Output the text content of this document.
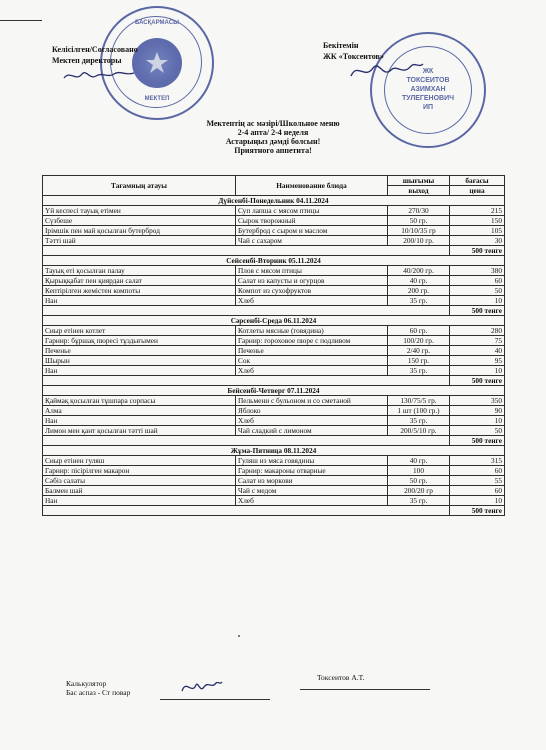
БАСҚАРМАСЫ
МЕКТЕП
ЖК
ТОКСЕИТОВ
АЗИМХАН
ТУЛЕГЕНОВИЧ
ИП
Келісілген/Согласовано
Мектеп директоры
Бекітемін
ЖК «Токсеитов»
Мектептің ас мәзірі/Школьное меню
2-4 апта/ 2-4 неделя
Астарыңыз дәмді болсын!
Приятного аппетита!
Тағамның атауы	Наименование блюда	шығымы	бағасы
		выход	цена
Дүйсенбі-Понедельник 04.11.2024			
Үй кеспесі тауық етімен	Суп лапша с мясом птицы	270/30	215
Сүзбеше	Сырок творожный	50 гр.	150
Ірімшік пен май қосылған бутерброд	Бутерброд с сыром и маслом	10/10/35 гр	105
Тәтті шай	Чай с сахаром	200/10 гр.	30
			500 тенге
Сейсенбі-Вторник 05.11.2024			
Тауық еті қосылған палау	Плов с мясом птицы	40/200 гр.	380
Қырыққабат пен қиярдан салат	Салат из капусты и огурцов	40 гр.	60
Кептірілген жемістен компоты	Компот из сухофруктов	200 гр.	50
Нан	Хлеб	35 гр.	10
			500 тенге
Сәрсенбі-Среда 06.11.2024			
Сиыр етінен котлет	Котлеты мясные (говядина)	60 гр.	280
Гарнир: бұршақ пюресі тұздығымен	Гарнир: гороховое пюре с подливом	100/20 гр.	75
Печенье	Печенье	2/40 гр.	40
Шырын	Сок	150 гр.	95
Нан	Хлеб	35 гр.	10
			500 тенге
Бейсенбі-Четверг 07.11.2024			
Қаймақ қосылған тұшпара сорпасы	Пельмени с бульоном и со сметаной	130/75/5 гр.	350
Алма	Яблоко	1 шт (100 гр.)	90
Нан	Хлеб	35 гр.	10
Лимон мен қант қосылған тәтті шай	Чай сладкий с лимоном	200/5/10 гр.	50
			500 тенге
Жұма-Пятница 08.11.2024			
Сиыр етінен гуляш	Гуляш из мяса говядины	40 гр.	315
Гарнир: пісірілген макарон	Гарнир: макароны отварные	100	60
Сәбіз салаты	Салат из моркови	50 гр.	55
Балмен шай	Чай с медом	200/20 гр	60
Нан	Хлеб	35 гр.	10
			500 тенге
Калькулятор
Бас аспаз - Ст повар
Токсеитов А.Т.
